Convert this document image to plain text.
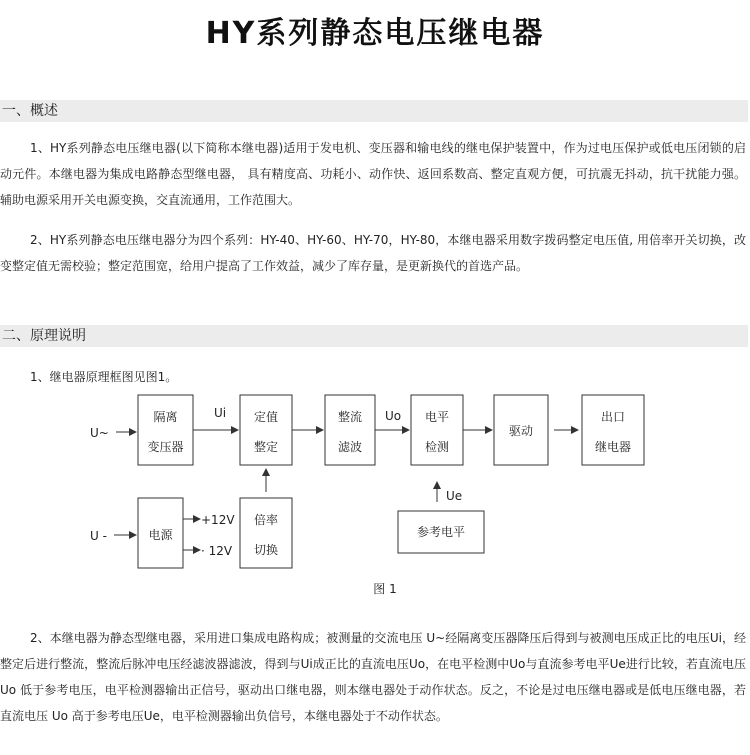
HY系列静态电压继电器
一、概述
1、HY系列静态电压继电器(以下简称本继电器)适用于发电机、变压器和输电线的继电保护装置中，作为过电压保护或低电压闭锁的启动元件。本继电器为集成电路静态型继电器， 具有精度高、功耗小、动作快、返回系数高、整定直观方便，可抗震无抖动，抗干扰能力强。辅助电源采用开关电源变换，交直流通用，工作范围大。
2、HY系列静态电压继电器分为四个系列：HY-40、HY-60、HY-70，HY-80，本继电器采用数字拨码整定电压值, 用倍率开关切换，改变整定值无需校验；整定范围宽，给用户提高了工作效益，减少了库存量，是更新换代的首选产品。
二、原理说明
1、继电器原理框图见图1。
隔离
变压器
定值
整定
整流
滤波
电平
检测
驱动
出口
继电器
电源
倍率
切换
参考电平
U~
U -
Ui	Uo
Ue
+12V
· 12V
图 1
2、本继电器为静态型继电器，采用进口集成电路构成；被测量的交流电压 U~经隔离变压器降压后得到与被测电压成正比的电压Ui，经整定后进行整流，整流后脉冲电压经滤波器滤波，得到与Ui成正比的直流电压Uo，在电平检测中Uo与直流参考电平Ue进行比较，若直流电压 Uo 低于参考电压，电平检测器输出正信号，驱动出口继电器，则本继电器处于动作状态。反之，不论是过电压继电器或是低电压继电器，若直流电压 Uo 高于参考电压Ue，电平检测器输出负信号，本继电器处于不动作状态。
